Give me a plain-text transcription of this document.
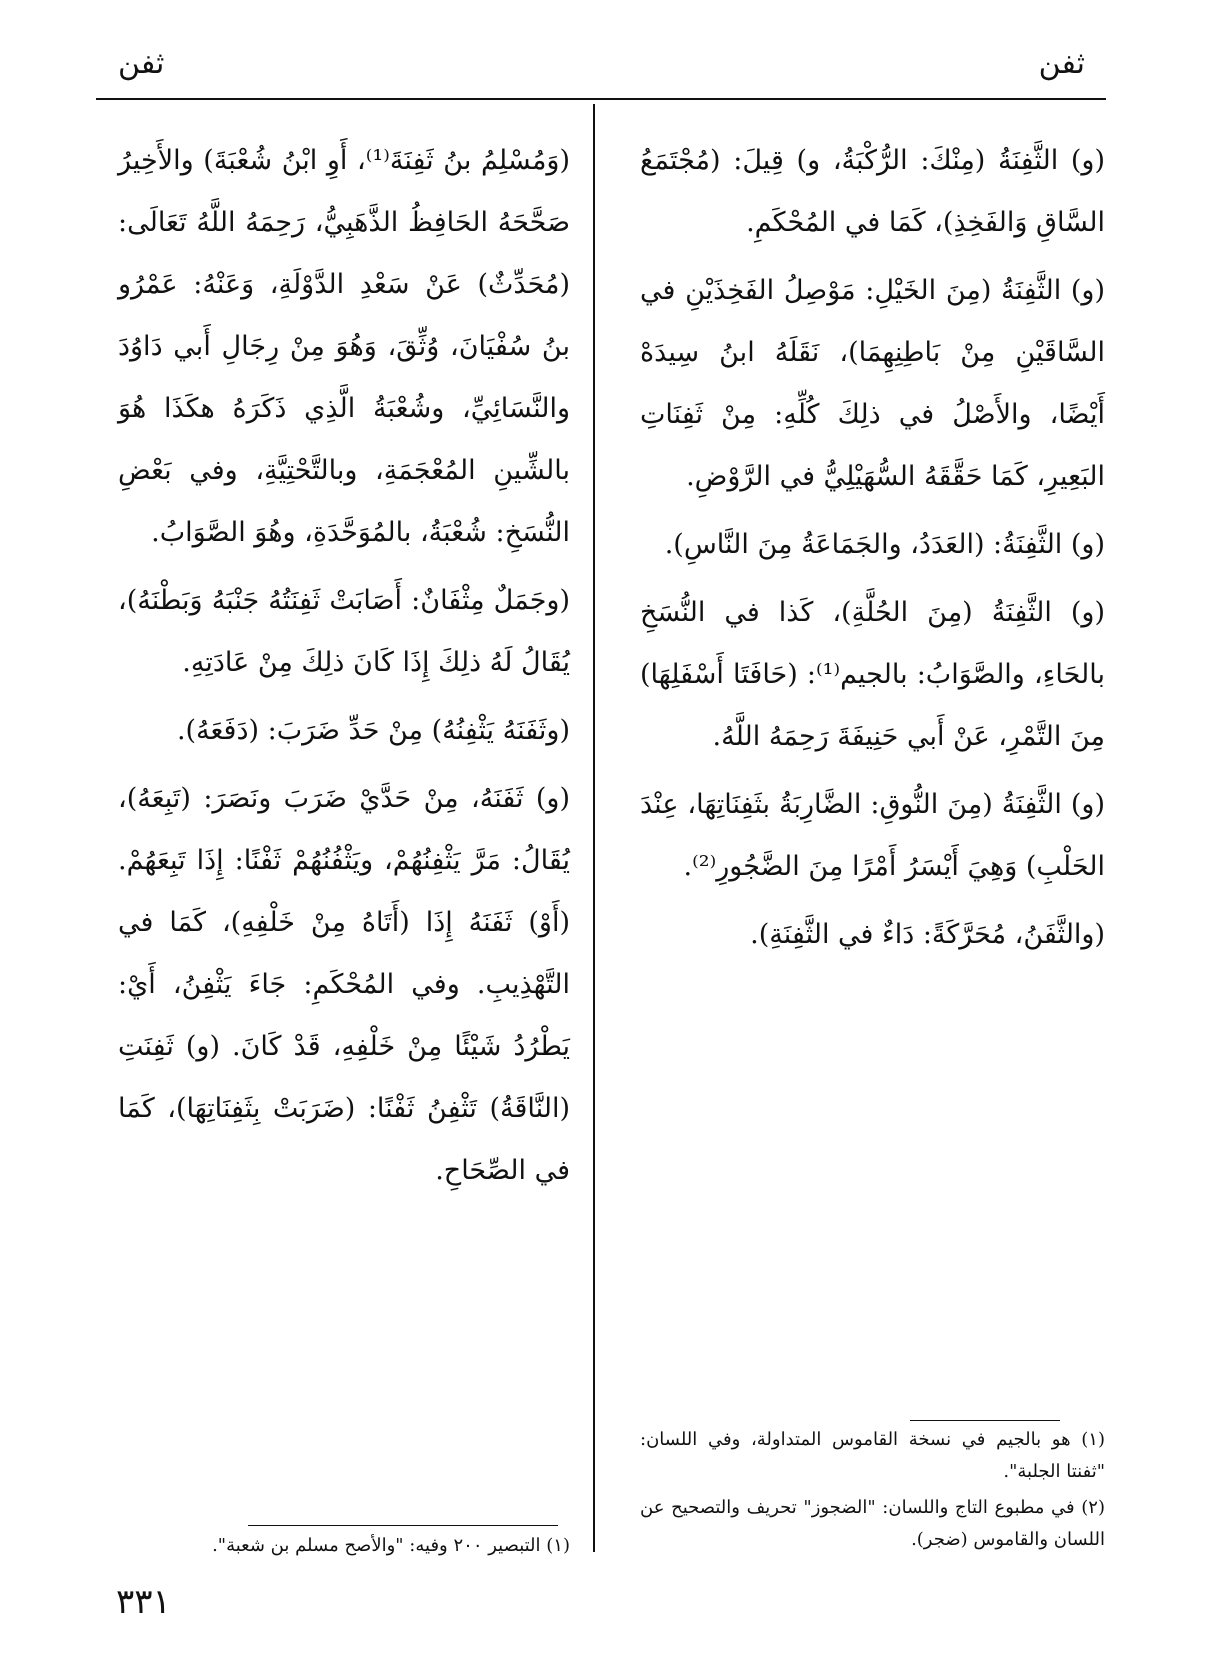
ثفن
ثفن

(و) الثَّفِنَةُ (مِنْكَ: الرُّكْبَةُ، و) قِيلَ: (مُجْتَمَعُ السَّاقِ وَالفَخِذِ)، كَمَا في المُحْكَمِ.

(و) الثَّفِنَةُ (مِنَ الخَيْلِ: مَوْصِلُ الفَخِذَيْنِ في السَّاقَيْنِ مِنْ بَاطِنِهِمَا)، نَقَلَهُ ابنُ سِيدَهْ أَيْضًا، والأَصْلُ في ذلِكَ كُلِّهِ: مِنْ ثَفِنَاتِ البَعِيرِ، كَمَا حَقَّقَهُ السُّهَيْلِيُّ في الرَّوْضِ.

(و) الثَّفِنَةُ: (العَدَدُ، والجَمَاعَةُ مِنَ النَّاسِ).

(و) الثَّفِنَةُ (مِنَ الحُلَّةِ)، كَذا في النُّسَخِ بالحَاءِ، والصَّوَابُ: بالجيم⁽¹⁾: (حَافَتَا أَسْفَلِهَا) مِنَ التَّمْرِ، عَنْ أَبي حَنِيفَةَ رَحِمَهُ اللَّهُ.

(و) الثَّفِنَةُ (مِنَ النُّوقِ: الضَّارِبَةُ بثَفِنَاتِهَا، عِنْدَ الحَلْبِ) وَهِيَ أَيْسَرُ أَمْرًا مِنَ الضَّجُورِ⁽²⁾.

(والثَّفَنُ، مُحَرَّكَةً: دَاءٌ في الثَّفِنَةِ).

(١) هو بالجيم في نسخة القاموس المتداولة، وفي اللسان: "ثفنتا الجلبة".

(٢) في مطبوع التاج واللسان: "الضجوز" تحريف والتصحيح عن اللسان والقاموس (ضجر).

(وَمُسْلِمُ بنُ ثَفِنَةَ⁽¹⁾، أَوِ ابْنُ شُعْبَةَ) والأَخِيرُ صَحَّحَهُ الحَافِظُ الذَّهَبِيُّ، رَحِمَهُ اللَّهُ تَعَالَى: (مُحَدِّثٌ) عَنْ سَعْدِ الدَّوْلَةِ، وَعَنْهُ: عَمْرُو بنُ سُفْيَانَ، وُثِّقَ، وَهُوَ مِنْ رِجَالِ أَبي دَاوُدَ والنَّسَائِيِّ، وشُعْبَةُ الَّذِي ذَكَرَهُ هكَذَا هُوَ بالشِّينِ المُعْجَمَةِ، وبالتَّحْتِيَّةِ، وفي بَعْضِ النُّسَخِ: شُعْبَةُ، بالمُوَحَّدَةِ، وهُوَ الصَّوَابُ.

(وجَمَلٌ مِثْفَانٌ: أَصَابَتْ ثَفِنَتُهُ جَنْبَهُ وَبَطْنَهُ)، يُقَالُ لَهُ ذلِكَ إِذَا كَانَ ذلِكَ مِنْ عَادَتِهِ.

(وثَفَنَهُ يَثْفِنُهُ) مِنْ حَدِّ ضَرَبَ: (دَفَعَهُ).

(و) ثَفَنَهُ، مِنْ حَدَّيْ ضَرَبَ ونَصَرَ: (تَبِعَهُ)، يُقَالُ: مَرَّ يَثْفِنُهُمْ، ويَثْفُنُهُمْ ثَفْنًا: إِذَا تَبِعَهُمْ. (أَوْ) ثَفَنَهُ إِذَا (أَتَاهُ مِنْ خَلْفِهِ)، كَمَا في التَّهْذِيبِ. وفي المُحْكَمِ: جَاءَ يَثْفِنُ، أَيْ: يَطْرُدُ شَيْئًا مِنْ خَلْفِهِ، قَدْ كَانَ. (و) ثَفِنَتِ (النَّاقَةُ) تَثْفِنُ ثَفْنًا: (ضَرَبَتْ بِثَفِنَاتِهَا)، كَمَا في الصِّحَاحِ.

(١) التبصير ٢٠٠ وفيه: "والأصح مسلم بن شعبة".

٣٣١
